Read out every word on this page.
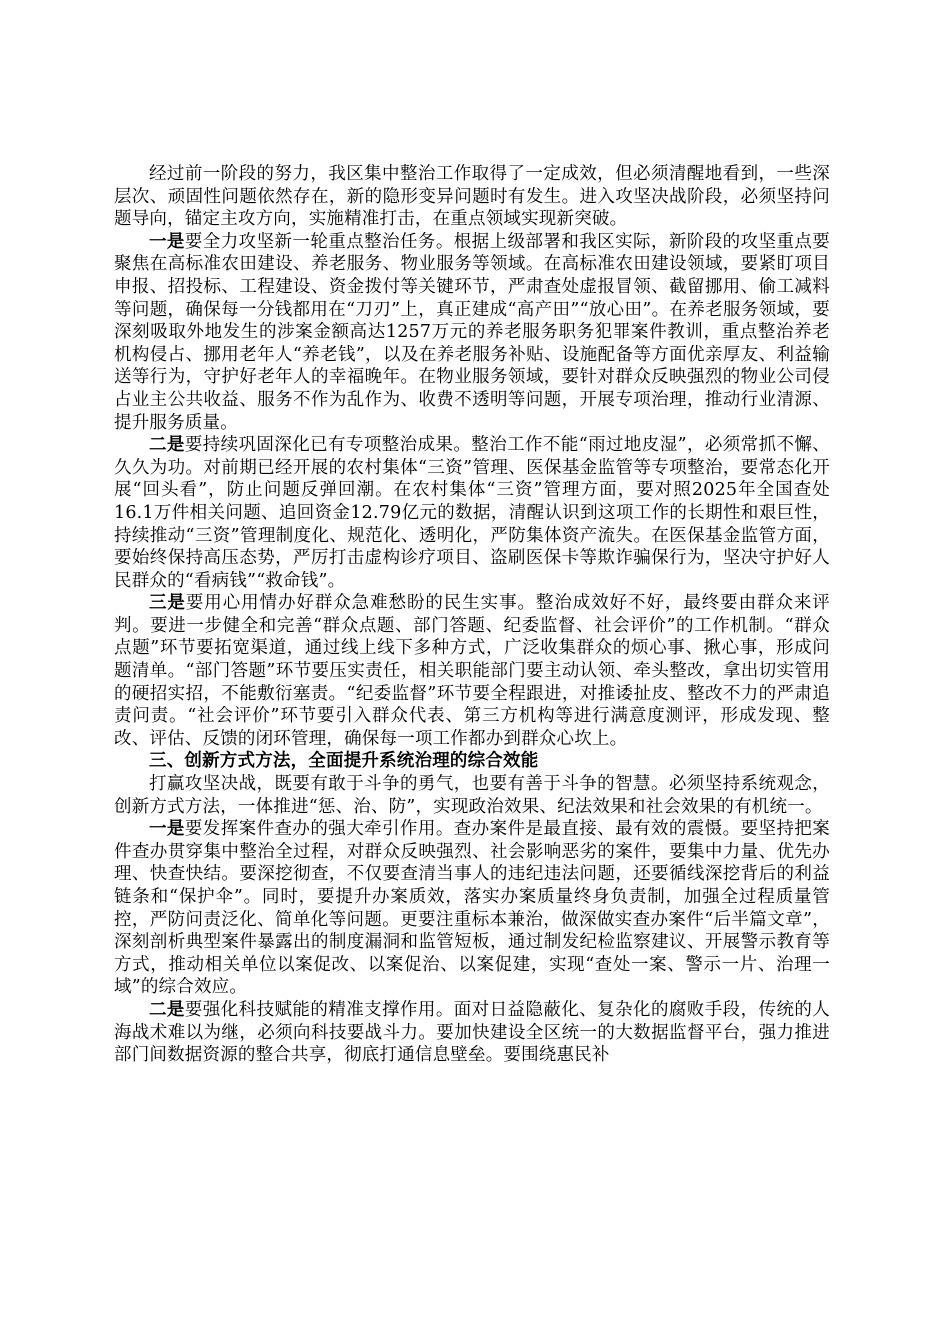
经过前一阶段的努力，我区集中整治工作取得了一定成效，但必须清醒地看到，一些深层次、顽固性问题依然存在，新的隐形变异问题时有发生。进入攻坚决战阶段，必须坚持问题导向，锚定主攻方向，实施精准打击，在重点领域实现新突破。

一是要全力攻坚新一轮重点整治任务。根据上级部署和我区实际，新阶段的攻坚重点要聚焦在高标准农田建设、养老服务、物业服务等领域。在高标准农田建设领域，要紧盯项目申报、招投标、工程建设、资金拨付等关键环节，严肃查处虚报冒领、截留挪用、偷工减料等问题，确保每一分钱都用在“刀刃”上，真正建成“高产田”“放心田”。在养老服务领域，要深刻吸取外地发生的涉案金额高达1257万元的养老服务职务犯罪案件教训，重点整治养老机构侵占、挪用老年人“养老钱”，以及在养老服务补贴、设施配备等方面优亲厚友、利益输送等行为，守护好老年人的幸福晚年。在物业服务领域，要针对群众反映强烈的物业公司侵占业主公共收益、服务不作为乱作为、收费不透明等问题，开展专项治理，推动行业清源、提升服务质量。

二是要持续巩固深化已有专项整治成果。整治工作不能“雨过地皮湿”，必须常抓不懈、久久为功。对前期已经开展的农村集体“三资”管理、医保基金监管等专项整治，要常态化开展“回头看”，防止问题反弹回潮。在农村集体“三资”管理方面，要对照2025年全国查处16.1万件相关问题、追回资金12.79亿元的数据，清醒认识到这项工作的长期性和艰巨性，持续推动“三资”管理制度化、规范化、透明化，严防集体资产流失。在医保基金监管方面，要始终保持高压态势，严厉打击虚构诊疗项目、盗刷医保卡等欺诈骗保行为，坚决守护好人民群众的“看病钱”“救命钱”。

三是要用心用情办好群众急难愁盼的民生实事。整治成效好不好，最终要由群众来评判。要进一步健全和完善“群众点题、部门答题、纪委监督、社会评价”的工作机制。“群众点题”环节要拓宽渠道，通过线上线下多种方式，广泛收集群众的烦心事、揪心事，形成问题清单。“部门答题”环节要压实责任，相关职能部门要主动认领、牵头整改，拿出切实管用的硬招实招，不能敷衍塞责。“纪委监督”环节要全程跟进，对推诿扯皮、整改不力的严肃追责问责。“社会评价”环节要引入群众代表、第三方机构等进行满意度测评，形成发现、整改、评估、反馈的闭环管理，确保每一项工作都办到群众心坎上。

三、创新方式方法，全面提升系统治理的综合效能

打赢攻坚决战，既要有敢于斗争的勇气，也要有善于斗争的智慧。必须坚持系统观念，创新方式方法，一体推进“惩、治、防”，实现政治效果、纪法效果和社会效果的有机统一。

一是要发挥案件查办的强大牵引作用。查办案件是最直接、最有效的震慑。要坚持把案件查办贯穿集中整治全过程，对群众反映强烈、社会影响恶劣的案件，要集中力量、优先办理、快查快结。要深挖彻查，不仅要查清当事人的违纪违法问题，还要循线深挖背后的利益链条和“保护伞”。同时，要提升办案质效，落实办案质量终身负责制，加强全过程质量管控，严防问责泛化、简单化等问题。更要注重标本兼治，做深做实查办案件“后半篇文章”，深刻剖析典型案件暴露出的制度漏洞和监管短板，通过制发纪检监察建议、开展警示教育等方式，推动相关单位以案促改、以案促治、以案促建，实现“查处一案、警示一片、治理一域”的综合效应。

二是要强化科技赋能的精准支撑作用。面对日益隐蔽化、复杂化的腐败手段，传统的人海战术难以为继，必须向科技要战斗力。要加快建设全区统一的大数据监督平台，强力推进部门间数据资源的整合共享，彻底打通信息壁垒。要围绕惠民补
